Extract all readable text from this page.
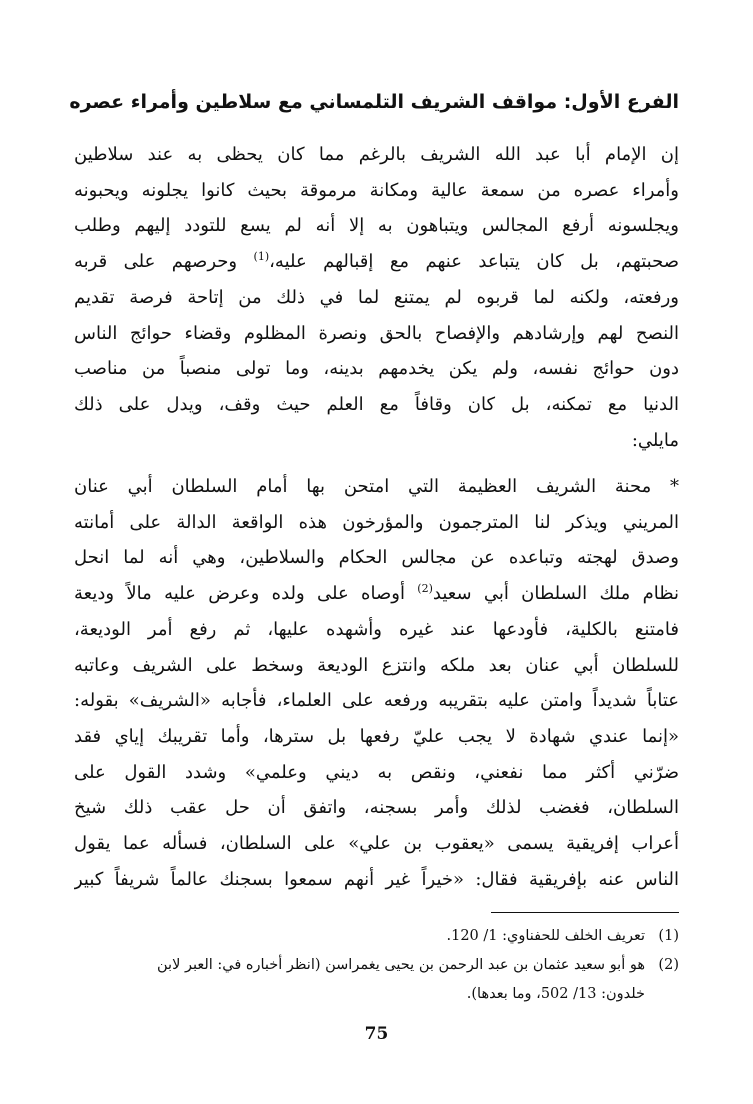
الفرع الأول: مواقف الشريف التلمساني مع سلاطين وأمراء عصره
إن الإمام أبا عبد الله الشريف بالرغم مما كان يحظى به عند سلاطين
وأمراء عصره من سمعة عالية ومكانة مرموقة بحيث كانوا يجلونه ويحبونه
ويجلسونه أرفع المجالس ويتباهون به إلا أنه لم يسع للتودد إليهم وطلب
صحبتهم، بل كان يتباعد عنهم مع إقبالهم عليه،$^{(1)}$ وحرصهم على قربه
ورفعته، ولكنه لما قربوه لم يمتنع لما في ذلك من إتاحة فرصة تقديم
النصح لهم وإرشادهم والإفصاح بالحق ونصرة المظلوم وقضاء حوائج الناس
دون حوائج نفسه، ولم يكن يخدمهم بدينه، وما تولى منصباً من مناصب
الدنيا مع تمكنه، بل كان وقافاً مع العلم حيث وقف، ويدل على ذلك
مايلي:
* محنة الشريف العظيمة التي امتحن بها أمام السلطان أبي عنان
المريني ويذكر لنا المترجمون والمؤرخون هذه الواقعة الدالة على أمانته
وصدق لهجته وتباعده عن مجالس الحكام والسلاطين، وهي أنه لما انحل
نظام ملك السلطان أبي سعيد$^{(2)}$ أوصاه على ولده وعرض عليه مالاً وديعة
فامتنع بالكلية، فأودعها عند غيره وأشهده عليها، ثم رفع أمر الوديعة،
للسلطان أبي عنان بعد ملكه وانتزع الوديعة وسخط على الشريف وعاتبه
عتاباً شديداً وامتن عليه بتقريبه ورفعه على العلماء، فأجابه «الشريف» بقوله:
«إنما عندي شهادة لا يجب عليّ رفعها بل سترها، وأما تقريبك إياي فقد
ضرّني أكثر مما نفعني، ونقص به ديني وعلمي» وشدد القول على
السلطان، فغضب لذلك وأمر بسجنه، واتفق أن حل عقب ذلك شيخ
أعراب إفريقية يسمى «يعقوب بن علي» على السلطان، فسأله عما يقول
الناس عنه بإفريقية فقال: «خيراً غير أنهم سمعوا بسجنك عالماً شريفاً كبير
(1)تعريف الخلف للحفناوي: 1/ 120.
(2)هو أبو سعيد عثمان بن عبد الرحمن بن يحيى يغمراسن (انظر أخباره في: العبر لابن
خلدون: 13/ 502، وما بعدها).
75
